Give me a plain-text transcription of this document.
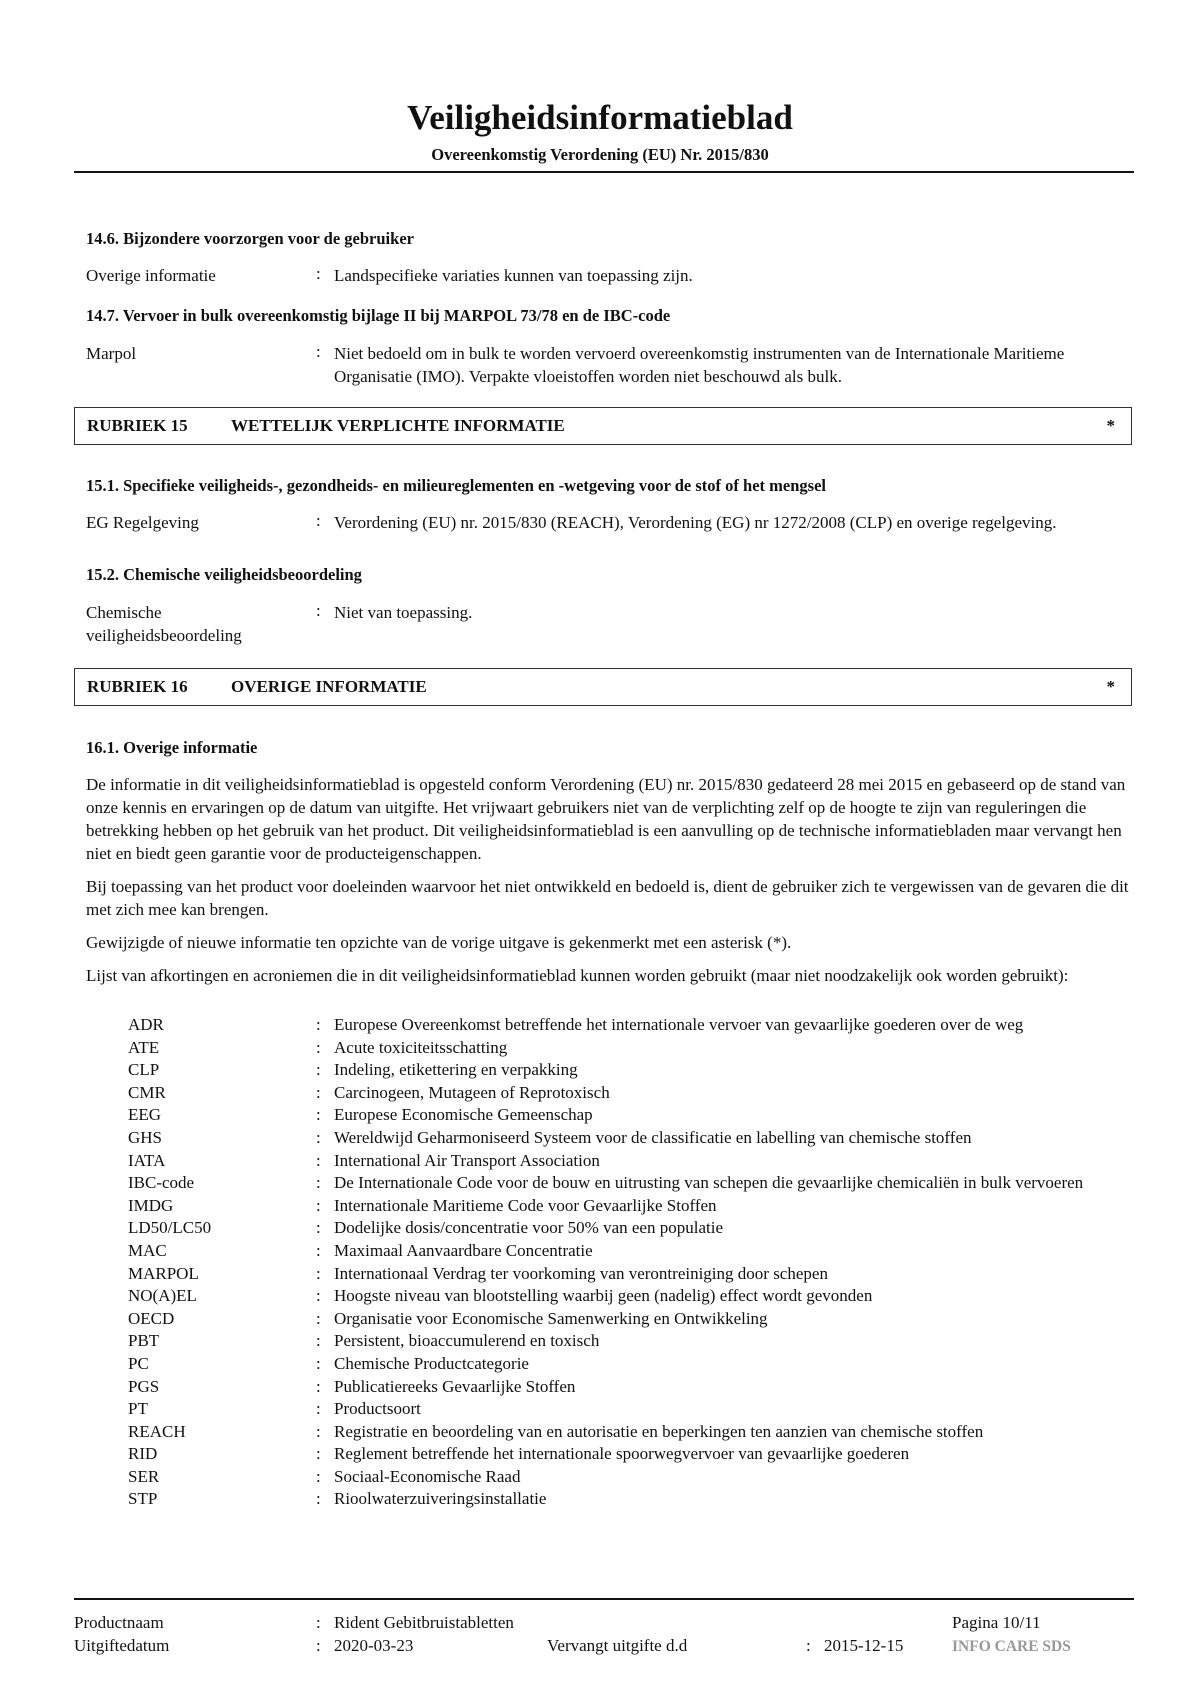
Veiligheidsinformatieblad
Overeenkomstig Verordening (EU) Nr. 2015/830
14.6. Bijzondere voorzorgen voor de gebruiker
Overige informatie	: Landspecifieke variaties kunnen van toepassing zijn.
14.7. Vervoer in bulk overeenkomstig bijlage II bij MARPOL 73/78 en de IBC-code
Marpol	: Niet bedoeld om in bulk te worden vervoerd overeenkomstig instrumenten van de Internationale Maritieme Organisatie (IMO). Verpakte vloeistoffen worden niet beschouwd als bulk.
RUBRIEK 15	WETTELIJK VERPLICHTE INFORMATIE	*
15.1. Specifieke veiligheids-, gezondheids- en milieureglementen en -wetgeving voor de stof of het mengsel
EG Regelgeving	: Verordening (EU) nr. 2015/830 (REACH), Verordening (EG) nr 1272/2008 (CLP) en overige regelgeving.
15.2. Chemische veiligheidsbeoordeling
Chemische veiligheidsbeoordeling
: Niet van toepassing.
RUBRIEK 16	OVERIGE INFORMATIE	*
16.1. Overige informatie

De informatie in dit veiligheidsinformatieblad is opgesteld conform Verordening (EU) nr. 2015/830 gedateerd 28 mei 2015 en gebaseerd op de stand van onze kennis en ervaringen op de datum van uitgifte. Het vrijwaart gebruikers niet van de verplichting zelf op de hoogte te zijn van reguleringen die betrekking hebben op het gebruik van het product. Dit veiligheidsinformatieblad is een aanvulling op de technische informatiebladen maar vervangt hen niet en biedt geen garantie voor de producteigenschappen.

Bij toepassing van het product voor doeleinden waarvoor het niet ontwikkeld en bedoeld is, dient de gebruiker zich te vergewissen van de gevaren die dit met zich mee kan brengen.

Gewijzigde of nieuwe informatie ten opzichte van de vorige uitgave is gekenmerkt met een asterisk (*).

Lijst van afkortingen en acroniemen die in dit veiligheidsinformatieblad kunnen worden gebruikt (maar niet noodzakelijk ook worden gebruikt):

ADR	: Europese Overeenkomst betreffende het internationale vervoer van gevaarlijke goederen over de weg
ATE	: Acute toxiciteitsschatting
CLP	: Indeling, etikettering en verpakking
CMR	: Carcinogeen, Mutageen of Reprotoxisch
EEG	: Europese Economische Gemeenschap
GHS	: Wereldwijd Geharmoniseerd Systeem voor de classificatie en labelling van chemische stoffen
IATA	: International Air Transport Association
IBC-code	: De Internationale Code voor de bouw en uitrusting van schepen die gevaarlijke chemicaliën in bulk vervoeren
IMDG	: Internationale Maritieme Code voor Gevaarlijke Stoffen
LD50/LC50	: Dodelijke dosis/concentratie voor 50% van een populatie
MAC	: Maximaal Aanvaardbare Concentratie
MARPOL	: Internationaal Verdrag ter voorkoming van verontreiniging door schepen
NO(A)EL	: Hoogste niveau van blootstelling waarbij geen (nadelig) effect wordt gevonden
OECD	: Organisatie voor Economische Samenwerking en Ontwikkeling
PBT	: Persistent, bioaccumulerend en toxisch
PC	: Chemische Productcategorie
PGS	: Publicatiereeks Gevaarlijke Stoffen
PT	: Productsoort
REACH	: Registratie en beoordeling van en autorisatie en beperkingen ten aanzien van chemische stoffen
RID	: Reglement betreffende het internationale spoorwegvervoer van gevaarlijke goederen
SER	: Sociaal-Economische Raad
STP	: Rioolwaterzuiveringsinstallatie
Productnaam	: Rident Gebitbruistabletten	Pagina 10/11
Uitgiftedatum	: 2020-03-23	Vervangt uitgifte d.d	: 2015-12-15	INFO CARE SDS
